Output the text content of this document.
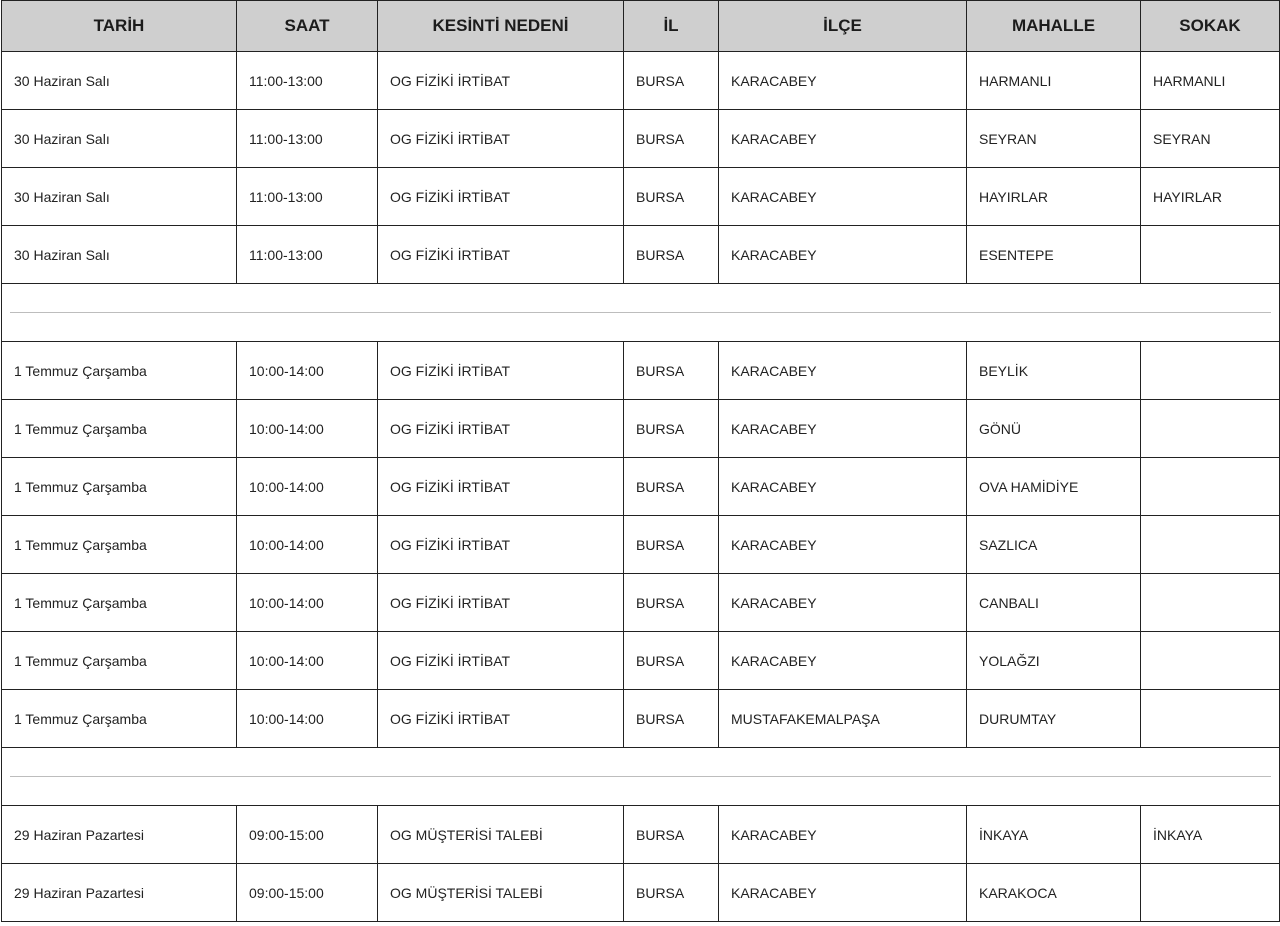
TARİH	SAAT	KESİNTİ NEDENİ	İL	İLÇE	MAHALLE	SOKAK
30 Haziran Salı	11:00-13:00	OG FİZİKİ İRTİBAT	BURSA	KARACABEY	HARMANLI	HARMANLI
30 Haziran Salı	11:00-13:00	OG FİZİKİ İRTİBAT	BURSA	KARACABEY	SEYRAN	SEYRAN
30 Haziran Salı	11:00-13:00	OG FİZİKİ İRTİBAT	BURSA	KARACABEY	HAYIRLAR	HAYIRLAR
30 Haziran Salı	11:00-13:00	OG FİZİKİ İRTİBAT	BURSA	KARACABEY	ESENTEPE	

1 Temmuz Çarşamba	10:00-14:00	OG FİZİKİ İRTİBAT	BURSA	KARACABEY	BEYLİK	
1 Temmuz Çarşamba	10:00-14:00	OG FİZİKİ İRTİBAT	BURSA	KARACABEY	GÖNÜ	
1 Temmuz Çarşamba	10:00-14:00	OG FİZİKİ İRTİBAT	BURSA	KARACABEY	OVA HAMİDİYE	
1 Temmuz Çarşamba	10:00-14:00	OG FİZİKİ İRTİBAT	BURSA	KARACABEY	SAZLICA	
1 Temmuz Çarşamba	10:00-14:00	OG FİZİKİ İRTİBAT	BURSA	KARACABEY	CANBALI	
1 Temmuz Çarşamba	10:00-14:00	OG FİZİKİ İRTİBAT	BURSA	KARACABEY	YOLAĞZI	
1 Temmuz Çarşamba	10:00-14:00	OG FİZİKİ İRTİBAT	BURSA	MUSTAFAKEMALPAŞA	DURUMTAY	

29 Haziran Pazartesi	09:00-15:00	OG MÜŞTERİSİ TALEBİ	BURSA	KARACABEY	İNKAYA	İNKAYA
29 Haziran Pazartesi	09:00-15:00	OG MÜŞTERİSİ TALEBİ	BURSA	KARACABEY	KARAKOCA	
